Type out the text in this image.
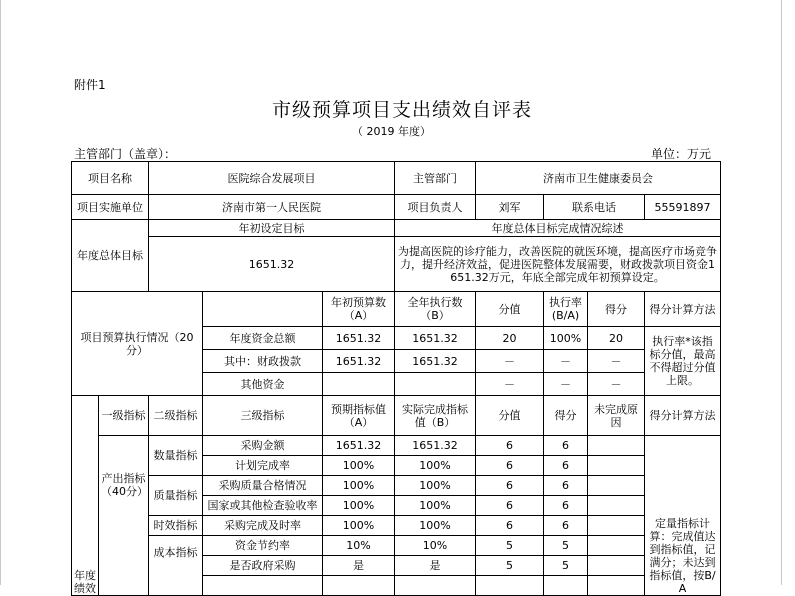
附件1
市级预算项目支出绩效自评表
（ 2019 年度）
主管部门（盖章）：	单位：万元
项目名称		医院综合发展项目			主管部门	济南市卫生健康委员会			
项目实施单位		济南市第一人民医院			项目负责人	刘军	联系电话		55591897
年度总体目标		年初设定目标			年度总体目标完成情况综述				
		1651.32			为提高医院的诊疗能力，改善医院的就医环境，提高医疗市场竞争力，提升经济效益，促进医院整体发展需要，财政拨款项目资金1651.32万元，年底全部完成年初预算设定。				
项目预算执行情况（20分）				年初预算数（A）	全年执行数（B）	分值	执行率(B/A)	得分	得分计算方法
			年度资金总额	1651.32	1651.32	20	100%	20	执行率*该指标分值，最高不得超过分值上限。
			其中：财政拨款	1651.32	1651.32	－	－	－	
			其他资金			－	－	－	
年度绩效	一级指标	二级指标	三级指标	预期指标值（A）	实际完成指标值（B）	分值	得分	未完成原因	得分计算方法
	产出指标（40分）	数量指标	采购金额	1651.32	1651.32	6	6		定量指标计算：完成值达到指标值，记满分；未达到指标值，按B/A
			计划完成率	100%	100%	6	6		
		质量指标	采购质量合格情况	100%	100%	6	6		
			国家或其他检查验收率	100%	100%	6	6		
		时效指标	采购完成及时率	100%	100%	6	6		
		成本指标	资金节约率	10%	10%	5	5		
			是否政府采购	是	是	5	5		
